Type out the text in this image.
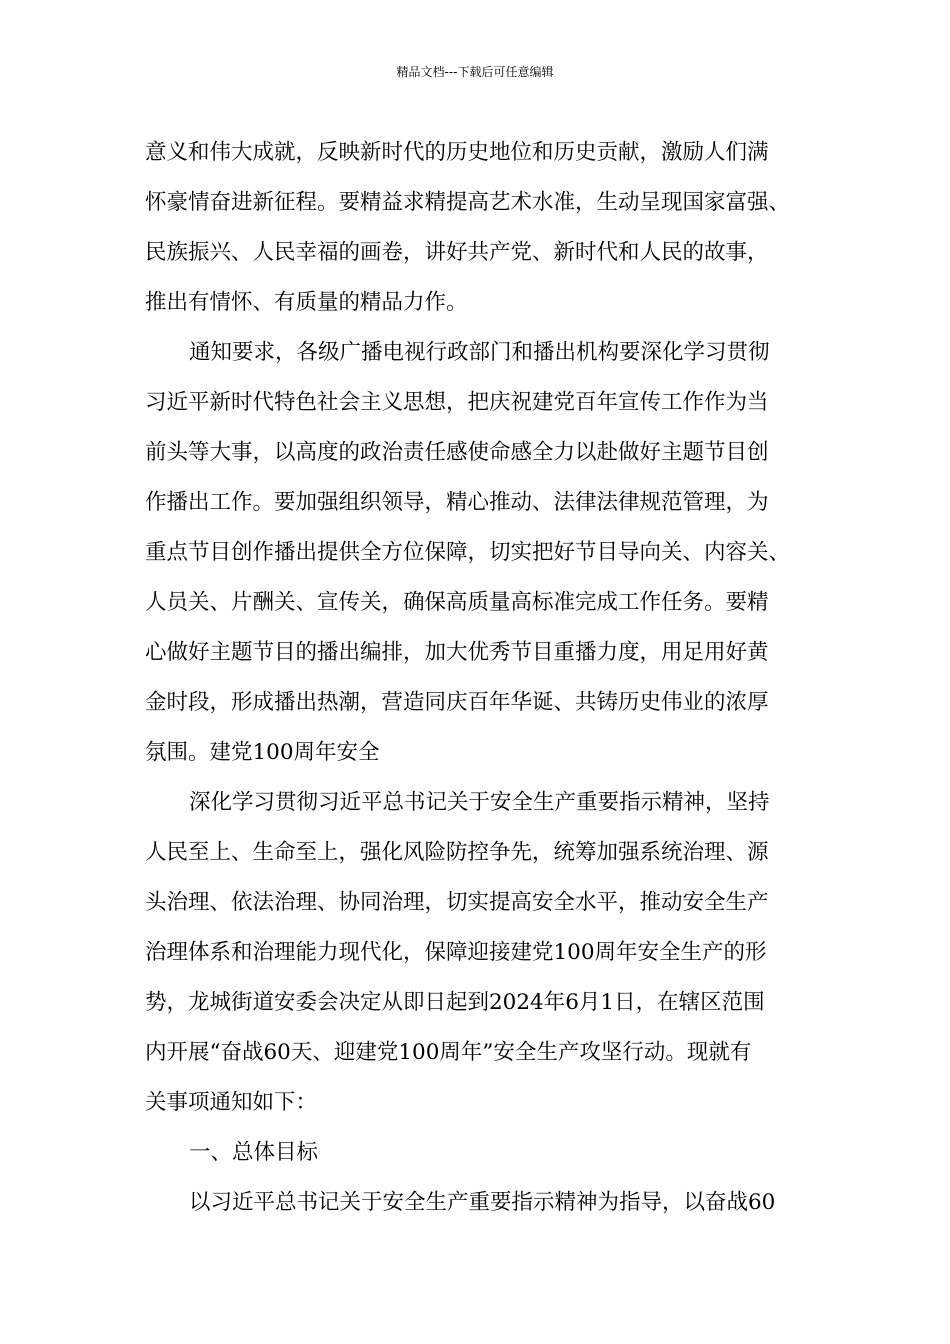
精品文档---下载后可任意编辑
意义和伟大成就，反映新时代的历史地位和历史贡献，激励人们满
怀豪情奋进新征程。要精益求精提高艺术水准，生动呈现国家富强、
民族振兴、人民幸福的画卷，讲好共产党、新时代和人民的故事，
推出有情怀、有质量的精品力作。
通知要求，各级广播电视行政部门和播出机构要深化学习贯彻
习近平新时代特色社会主义思想，把庆祝建党百年宣传工作作为当
前头等大事，以高度的政治责任感使命感全力以赴做好主题节目创
作播出工作。要加强组织领导，精心推动、法律法律规范管理，为
重点节目创作播出提供全方位保障，切实把好节目导向关、内容关、
人员关、片酬关、宣传关，确保高质量高标准完成工作任务。要精
心做好主题节目的播出编排，加大优秀节目重播力度，用足用好黄
金时段，形成播出热潮，营造同庆百年华诞、共铸历史伟业的浓厚
氛围。建党100周年安全
深化学习贯彻习近平总书记关于安全生产重要指示精神，坚持
人民至上、生命至上，强化风险防控争先，统筹加强系统治理、源
头治理、依法治理、协同治理，切实提高安全水平，推动安全生产
治理体系和治理能力现代化，保障迎接建党100周年安全生产的形
势，龙城街道安委会决定从即日起到2024年6月1日，在辖区范围
内开展“奋战60天、迎建党100周年”安全生产攻坚行动。现就有
关事项通知如下：
一、总体目标
以习近平总书记关于安全生产重要指示精神为指导，以奋战60
